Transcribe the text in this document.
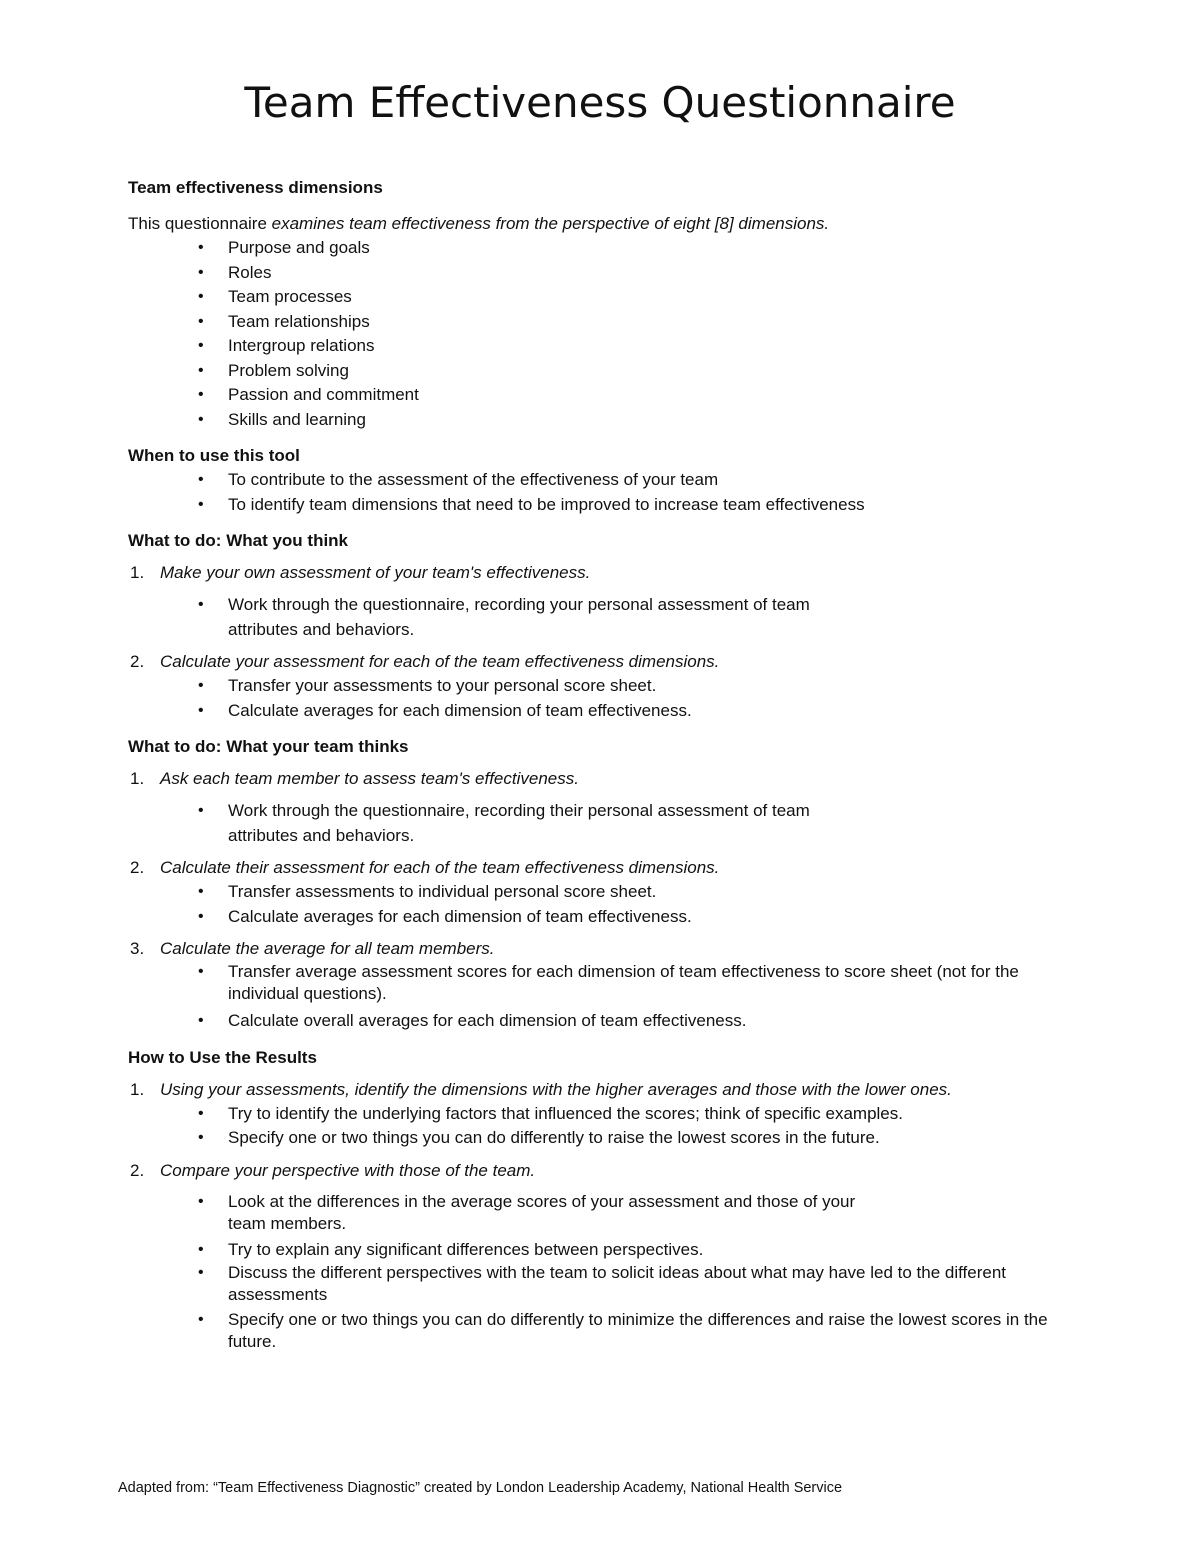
Team Effectiveness Questionnaire

Team effectiveness dimensions

This questionnaire examines team effectiveness from the perspective of eight [8] dimensions.

• Purpose and goals
• Roles
• Team processes
• Team relationships
• Intergroup relations
• Problem solving
• Passion and commitment
• Skills and learning

When to use this tool

• To contribute to the assessment of the effectiveness of your team
• To identify team dimensions that need to be improved to increase team effectiveness

What to do: What you think

1. Make your own assessment of your team's effectiveness.
• Work through the questionnaire, recording your personal assessment of team attributes and behaviors.
2. Calculate your assessment for each of the team effectiveness dimensions.
• Transfer your assessments to your personal score sheet.
• Calculate averages for each dimension of team effectiveness.

What to do: What your team thinks

1. Ask each team member to assess team's effectiveness.
• Work through the questionnaire, recording their personal assessment of team attributes and behaviors.
2. Calculate their assessment for each of the team effectiveness dimensions.
• Transfer assessments to individual personal score sheet.
• Calculate averages for each dimension of team effectiveness.
3. Calculate the average for all team members.
• Transfer average assessment scores for each dimension of team effectiveness to score sheet (not for the individual questions).
• Calculate overall averages for each dimension of team effectiveness.

How to Use the Results

1. Using your assessments, identify the dimensions with the higher averages and those with the lower ones.
• Try to identify the underlying factors that influenced the scores; think of specific examples.
• Specify one or two things you can do differently to raise the lowest scores in the future.
2. Compare your perspective with those of the team.
• Look at the differences in the average scores of your assessment and those of your team members.
• Try to explain any significant differences between perspectives.
• Discuss the different perspectives with the team to solicit ideas about what may have led to the different assessments
• Specify one or two things you can do differently to minimize the differences and raise the lowest scores in the future.
Adapted from: “Team Effectiveness Diagnostic” created by London Leadership Academy, National Health Service
